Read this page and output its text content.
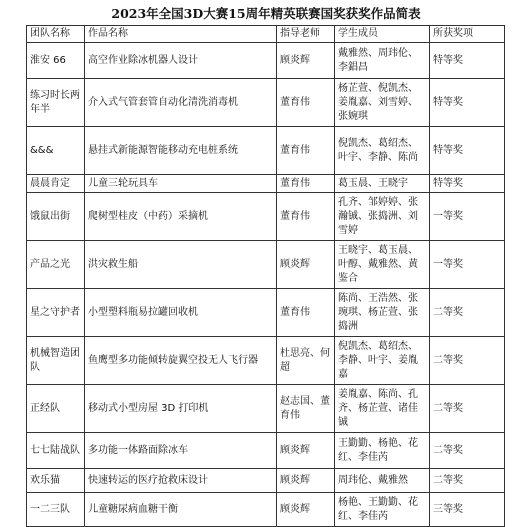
2023年全国3D大赛15周年精英联赛国奖获奖作品简表
团队名称	作品名称	指导老师	学生成员	所获奖项
淮安 66	高空作业除冰机器人设计	顾炎辉	戴雅然、周玮伦、李錩昌	特等奖
练习时长两年半	介入式气管套管自动化清洗消毒机	董育伟	杨芷萱、倪凯杰、姜胤嘉、刘雪婷、张婉琪	特等奖
&&&	悬挂式新能源智能移动充电桩系统	董育伟	倪凯杰、葛绍杰、叶宇、李静、陈尚	特等奖
晨晨肯定	儿童三轮玩具车	董育伟	葛玉晨、王晓宇	特等奖
饿鼠出街	爬树型桂皮（中药）采摘机	董育伟	孔齐、邹婷婷、张瀚铖、张捣洲、刘雪婷	一等奖
产品之光	洪灾救生船	顾炎辉	王晓宇、葛玉晨、叶醇、戴雅然、黄鉴合	一等奖
星之守护者	小型塑料瓶易拉罐回收机	董育伟	陈尚、王浩然、张琬琪、杨芷萱、张捣洲	二等奖
机械智造团队	鱼鹰型多功能倾转旋翼空投无人飞行器	杜思亮、何超	倪凯杰、葛绍杰、李静、叶宇、姜胤嘉	二等奖
正经队	移动式小型房屋 3D 打印机	赵志国、董育伟	姜胤嘉、陈尚、孔齐、杨芷萱、诸佳铖	二等奖
七七陆战队	多功能一体路面除冰车	顾炎辉	王勤勤、杨艳、花红、李佳芮	二等奖
欢乐猫	快速转运的医疗抢救床设计	顾炎辉	周玮伦、戴雅然	二等奖
一二三队	儿童糖尿病血糖干衡	顾炎辉	杨艳、王勤勤、花红、李佳芮	三等奖
